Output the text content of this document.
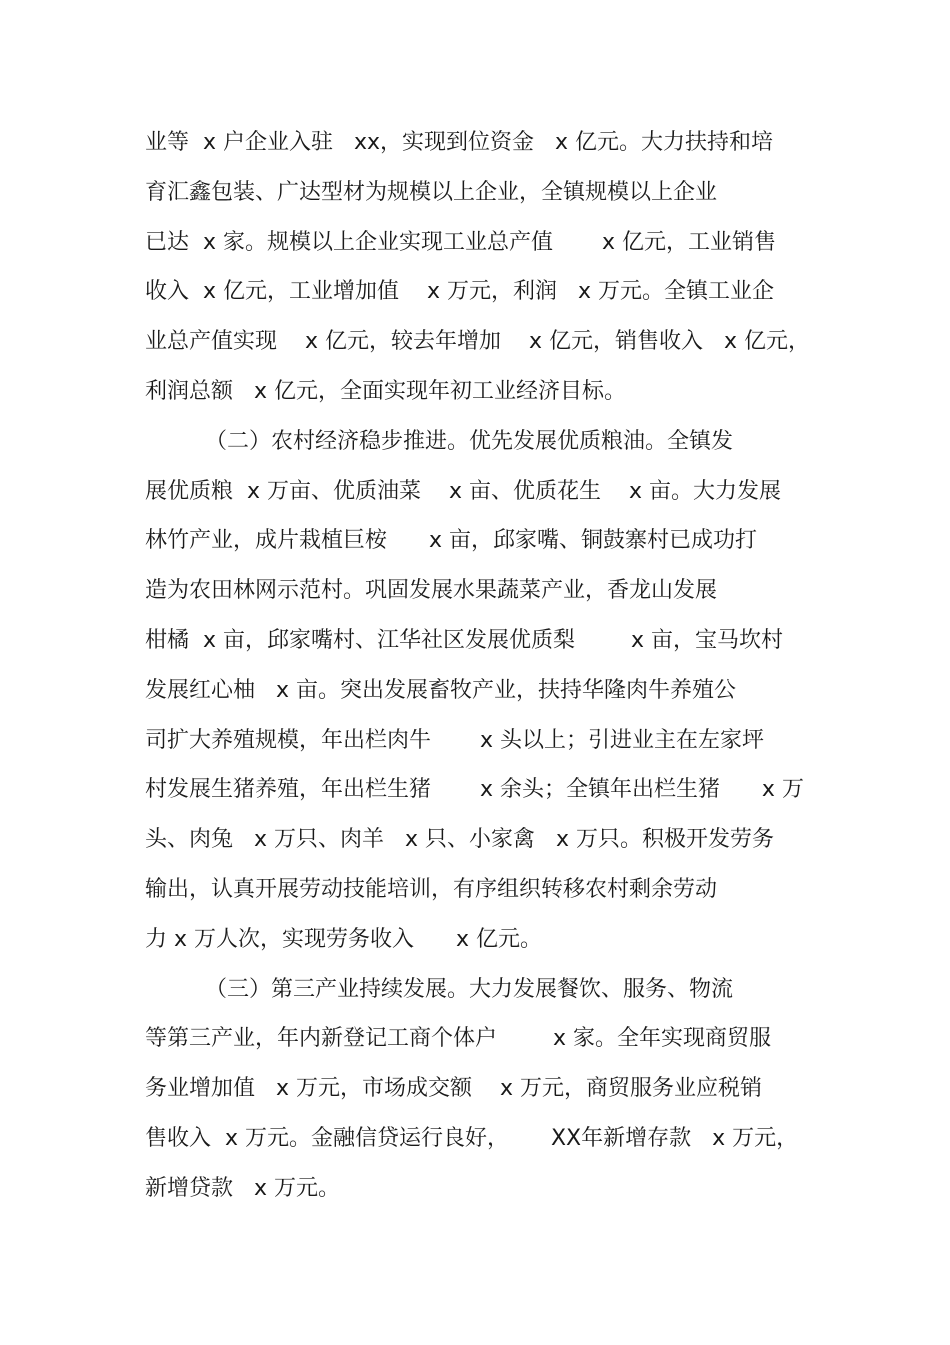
业等  x 户企业入驻   xx，实现到位资金   x 亿元。大力扶持和培
育汇鑫包装、广达型材为规模以上企业，全镇规模以上企业
已达  x 家。规模以上企业实现工业总产值       x 亿元，工业销售
收入  x 亿元，工业增加值    x 万元，利润   x 万元。全镇工业企
业总产值实现    x 亿元，较去年增加    x 亿元，销售收入   x 亿元，
利润总额   x 亿元，全面实现年初工业经济目标。
（二）农村经济稳步推进。优先发展优质粮油。全镇发
展优质粮  x 万亩、优质油菜    x 亩、优质花生    x 亩。大力发展
林竹产业，成片栽植巨桉      x 亩，邱家嘴、铜鼓寨村已成功打
造为农田林网示范村。巩固发展水果蔬菜产业，香龙山发展
柑橘  x 亩，邱家嘴村、江华社区发展优质梨        x 亩，宝马坎村
发展红心柚   x 亩。突出发展畜牧产业，扶持华隆肉牛养殖公
司扩大养殖规模，年出栏肉牛       x 头以上；引进业主在左家坪
村发展生猪养殖，年出栏生猪       x 余头；全镇年出栏生猪      x 万
头、肉兔   x 万只、肉羊   x 只、小家禽   x 万只。积极开发劳务
输出，认真开展劳动技能培训，有序组织转移农村剩余劳动
力 x 万人次，实现劳务收入      x 亿元。
（三）第三产业持续发展。大力发展餐饮、服务、物流
等第三产业，年内新登记工商个体户        x 家。全年实现商贸服
务业增加值   x 万元，市场成交额    x 万元，商贸服务业应税销
售收入  x 万元。金融信贷运行良好，      XX年新增存款   x 万元，
新增贷款   x 万元。
